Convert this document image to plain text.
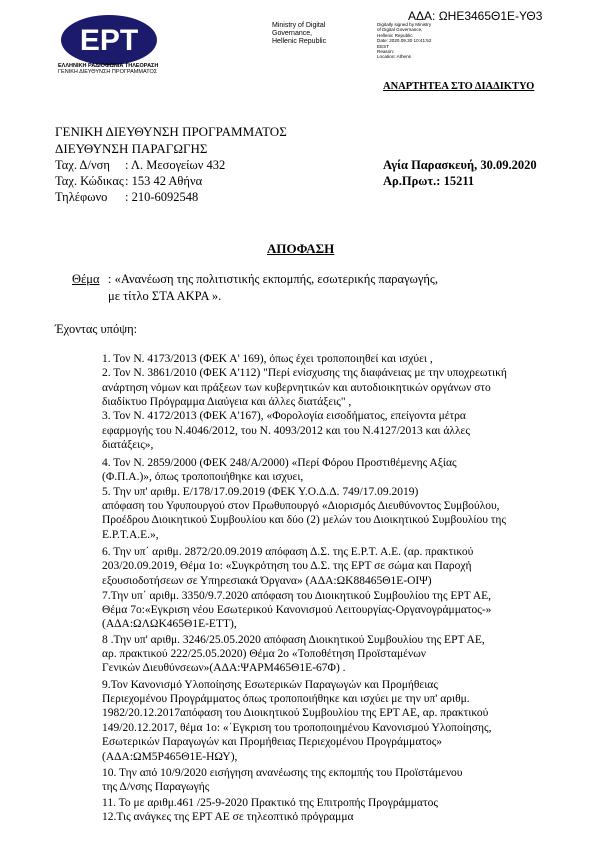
ΕΡΤ
ΕΛΛΗΝΙΚΗ ΡΑΔΙΟΦΩΝΙΑ ΤΗΛΕΟΡΑΣΗ
ΓΕΝΙΚΗ ΔΙΕΥΘΥΝΣΗ ΠΡΟΓΡΑΜΜΑΤΟΣ
Ministry of Digital
Governance,
Hellenic Republic
Digitally signed by Ministry
of Digital Governance,
Hellenic Republic
Date: 2020.09.30 10:41:52
EEST
Reason:
Location: Athens
ΑΔΑ: ΩΗΕ3465Θ1Ε-ΥΘ3
ΑΝΑΡΤΗΤΕΑ ΣΤΟ ΔΙΑΔΙΚΤΥΟ
ΓΕΝΙΚΗ ΔΙΕΥΘΥΝΣΗ ΠΡΟΓΡΑΜΜΑΤΟΣ
ΔΙΕΥΘΥΝΣΗ ΠΑΡΑΓΩΓΗΣ
Ταχ. Δ/νση : Λ. Μεσογείων 432
Ταχ. Κώδικας : 153 42 Αθήνα
Τηλέφωνο : 210-6092548
Αγία Παρασκευή, 30.09.2020
Αρ.Πρωτ.: 15211
ΑΠΟΦΑΣΗ
Θέμα : «Ανανέωση της πολιτιστικής εκπομπής, εσωτερικής παραγωγής,
με τίτλο ΣΤΑ ΑΚΡΑ ».
Έχοντας υπόψη:
1. Τον Ν. 4173/2013 (ΦΕΚ Α' 169), όπως έχει τροποποιηθεί και ισχύει ,
2. Τον Ν. 3861/2010 (ΦΕΚ Α'112) "Περί ενίσχυσης της διαφάνειας με την υποχρεωτική
ανάρτηση νόμων και πράξεων των κυβερνητικών και αυτοδιοικητικών οργάνων στο
διαδίκτυο Πρόγραμμα Διαύγεια και άλλες διατάξεις" ,
3. Τον Ν. 4172/2013 (ΦΕΚ Α'167), «Φορολογία εισοδήματος, επείγοντα μέτρα
εφαρμογής του Ν.4046/2012, του Ν. 4093/2012 και του Ν.4127/2013 και άλλες
διατάξεις»,
4. Τον Ν. 2859/2000 (ΦΕΚ 248/Α/2000) «Περί Φόρου Προστιθέμενης Αξίας
(Φ.Π.Α.)», όπως τροποποιήθηκε και ισχυει,
5. Την υπ' αριθμ. Ε/178/17.09.2019 (ΦΕΚ Υ.Ο.Δ.Δ. 749/17.09.2019)
απόφαση του Υφυπουργού στον Πρωθυπουργό «Διορισμός Διευθύνοντος Συμβούλου,
Προέδρου Διοικητικού Συμβουλίου και δύο (2) μελών του Διοικητικού Συμβουλίου της
Ε.Ρ.Τ.Α.Ε.»,
6. Την υπ΄ αριθμ. 2872/20.09.2019 απόφαση Δ.Σ. της Ε.Ρ.Τ. Α.Ε. (αρ. πρακτικού
203/20.09.2019, Θέμα 1ο: «Συγκρότηση του Δ.Σ. της ΕΡΤ σε σώμα και Παροχή
εξουσιοδοτήσεων σε Υπηρεσιακά Όργανα» (ΑΔΑ:ΩΚ88465Θ1Ε-ΟΙΨ)
7.Την υπ΄ αριθμ. 3350/9.7.2020 απόφαση του Διοικητικού Συμβουλίου της ΕΡΤ ΑΕ,
Θέμα 7ο:«Εγκριση νέου Εσωτερικού Κανονισμού Λειτουργίας-Οργανογράμματος-»
(ΑΔΑ:ΩΛΩΚ465Θ1Ε-ΕΤΤ),
8 .Την υπ' αριθμ. 3246/25.05.2020 απόφαση Διοικητικού Συμβουλίου της ΕΡΤ ΑΕ,
αρ. πρακτικού 222/25.05.2020) Θέμα 2ο «Τοποθέτηση Προϊσταμένων
Γενικών Διευθύνσεων»(ΑΔΑ:ΨΑΡΜ465Θ1Ε-67Φ) .
9.Τον Κανονισμό Υλοποίησης Εσωτερικών Παραγωγών και Προμήθειας
Περιεχομένου Προγράμματος όπως τροποποιήθηκε και ισχύει με την υπ' αριθμ.
1982/20.12.2017απόφαση του Διοικητικού Συμβουλίου της ΕΡΤ ΑΕ, αρ. πρακτικού
149/20.12.2017, θέμα 1ο: «΄Εγκριση του τροποποιημένου Κανονισμού Υλοποίησης,
Εσωτερικών Παραγωγών και Προμήθειας Περιεχομένου Προγράμματος»
(ΑΔΑ:ΩΜ5Ρ465Θ1Ε-ΗΩΥ),
10. Την από 10/9/2020 εισήγηση ανανέωσης της εκπομπής του Προϊστάμενου
της Δ/νσης Παραγωγής
11. Το με αριθμ.461 /25-9-2020 Πρακτικό της Επιτροπής Προγράμματος
12.Τις ανάγκες της ΕΡΤ ΑΕ σε τηλεοπτικό πρόγραμμα
